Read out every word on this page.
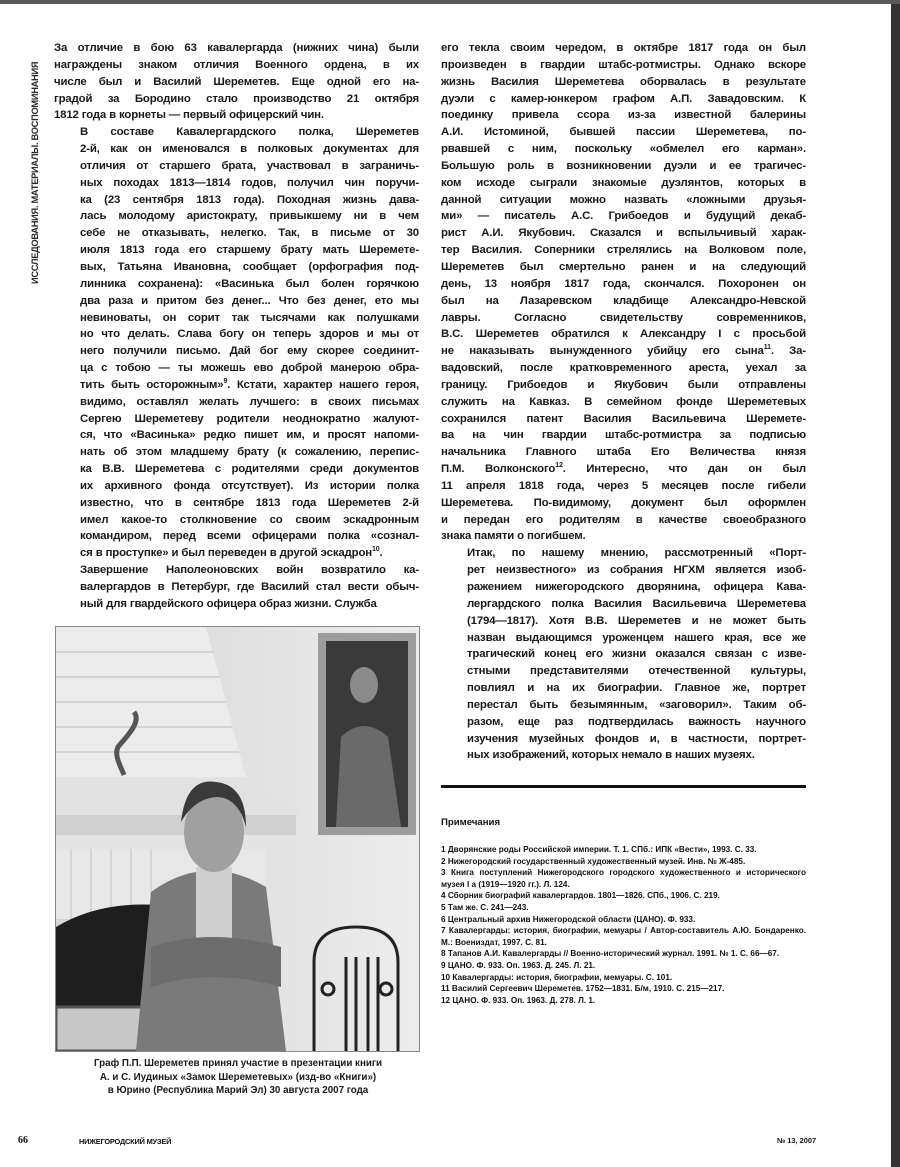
ИССЛЕДОВАНИЯ. МАТЕРИАЛЫ. ВОСПОМИНАНИЯ

За отличие в бою 63 кавалергарда (нижних чина) были
награждены знаком отличия Военного ордена, в их
числе был и Василий Шереметев. Еще одной его на-
градой за Бородино стало производство 21 октября
1812 года в корнеты — первый офицерский чин.

В составе Кавалергардского полка, Шереметев
2-й, как он именовался в полковых документах для
отличия от старшего брата, участвовал в заграничь-
ных походах 1813—1814 годов, получил чин поручи-
ка (23 сентября 1813 года). Походная жизнь дава-
лась молодому аристократу, привыкшему ни в чем
себе не отказывать, нелегко. Так, в письме от 30
июля 1813 года его старшему брату мать Шереметe-
вых, Татьяна Ивановна, сообщает (орфография под-
линника сохранена): «Васинька был болен горячкою
два раза и притом без денег... Что без денег, ето мы
невиноваты, он сорит так тысячами как полушками
но что делать. Слава богу он теперь здоров и мы от
него получили письмо. Дай бог ему скорее соединит-
ца с тобою — ты можешь ево доброй манерою обра-
тить быть осторожным»$^9$. Кстати, характер нашего героя,
видимо, оставлял желать лучшего: в своих письмах
Сергею Шереметеву родители неоднократно жалуют-
ся, что «Васинька» редко пишет им, и просят напоми-
нать об этом младшему брату (к сожалению, перепис-
ка В.В. Шереметева с родителями среди документов
их архивного фонда отсутствует). Из истории полка
известно, что в сентябре 1813 года Шереметев 2-й
имел какое-то столкновение со своим эскадронным
командиром, перед всеми офицерами полка «сознал-
ся в проступке» и был переведен в другой эскадрон$^{10}$.

Завершение Наполеоновских войн возвратило ка-
валергардов в Петербург, где Василий стал вести обыч-
ный для гвардейского офицера образ жизни. Служба

Граф П.П. Шереметев принял участие в презентации книги
А. и С. Иудиных «Замок Шереметевых» (изд-во «Книги»)
в Юрино (Республика Марий Эл) 30 августа 2007 года

его текла своим чередом, в октябре 1817 года он был
произведен в гвардии штабс-ротмистры. Однако вскоре
жизнь Василия Шереметева оборвалась в результате
дуэли с камер-юнкером графом А.П. Завадовским. К
поединку привела ссора из-за известной балерины
А.И. Истоминой, бывшей пассии Шереметева, по-
рвавшей с ним, поскольку «обмелел его карман».
Большую роль в возникновении дуэли и ее трагичес-
ком исходе сыграли знакомые дуэлянтов, которых в
данной ситуации можно назвать «ложными друзья-
ми» — писатель А.С. Грибоедов и будущий декаб-
рист А.И. Якубович. Сказался и вспыльчивый харак-
тер Василия. Соперники стрелялись на Волковом поле,
Шереметев был смертельно ранен и на следующий
день, 13 ноября 1817 года, скончался. Похоронен он
был на Лазаревском кладбище Александро-Невской
лавры. Согласно свидетельству современников,
В.С. Шереметев обратился к Александру I с просьбой
не наказывать вынужденного убийцу его сына$^{11}$. За-
вадовский, после кратковременного ареста, уехал за
границу. Грибоедов и Якубович были отправлены
служить на Кавказ. В семейном фонде Шереметевых
сохранился патент Василия Васильевича Шереметe-
ва на чин гвардии штабс-ротмистра за подписью
начальника Главного штаба Его Величества князя
П.М. Волконского$^{12}$. Интересно, что дан он был
11 апреля 1818 года, через 5 месяцев после гибели
Шереметева. По-видимому, документ был оформлен
и передан его родителям в качестве своеобразного
знака памяти о погибшем.

Итак, по нашему мнению, рассмотренный «Порт-
рет неизвестного» из собрания НГХМ является изоб-
ражением нижегородского дворянина, офицера Кава-
лергардского полка Василия Васильевича Шереметева
(1794—1817). Хотя В.В. Шереметев и не может быть
назван выдающимся уроженцем нашего края, все же
трагический конец его жизни оказался связан с изве-
стными представителями отечественной культуры,
повлиял и на их биографии. Главное же, портрет
перестал быть безымянным, «заговорил». Таким об-
разом, еще раз подтвердилась важность научного
изучения музейных фондов и, в частности, портрет-
ных изображений, которых немало в наших музеях.

Примечания
1 Дворянские роды Российской империи. Т. 1. СПб.: ИПК «Вести», 1993. С. 33.
2 Нижегородский государственный художественный музей. Инв. № Ж-485.
3 Книга поступлений Нижегородского городского художественного и исторического музея I а (1919—1920 гг.). Л. 124.
4 Сборник биографий кавалергардов. 1801—1826. СПб., 1906. С. 219.
5 Там же. С. 241—243.
6 Центральный архив Нижегородской области (ЦАНО). Ф. 933.
7 Кавалергарды: история, биографии, мемуары / Автор-составитель А.Ю. Бондаренко. М.: Воениздат, 1997. С. 81.
8 Тапанов А.И. Кавалергарды // Военно-исторический журнал. 1991. № 1. С. 66—67.
9 ЦАНО. Ф. 933. Оп. 1963. Д. 245. Л. 21.
10 Кавалергарды: история, биографии, мемуары. С. 101.
11 Василий Сергеевич Шереметев. 1752—1831. Б/м, 1910. С. 215—217.
12 ЦАНО. Ф. 933. Оп. 1963. Д. 278. Л. 1.
66	НИЖЕГОРОДСКИЙ МУЗЕЙ	№ 13, 2007
